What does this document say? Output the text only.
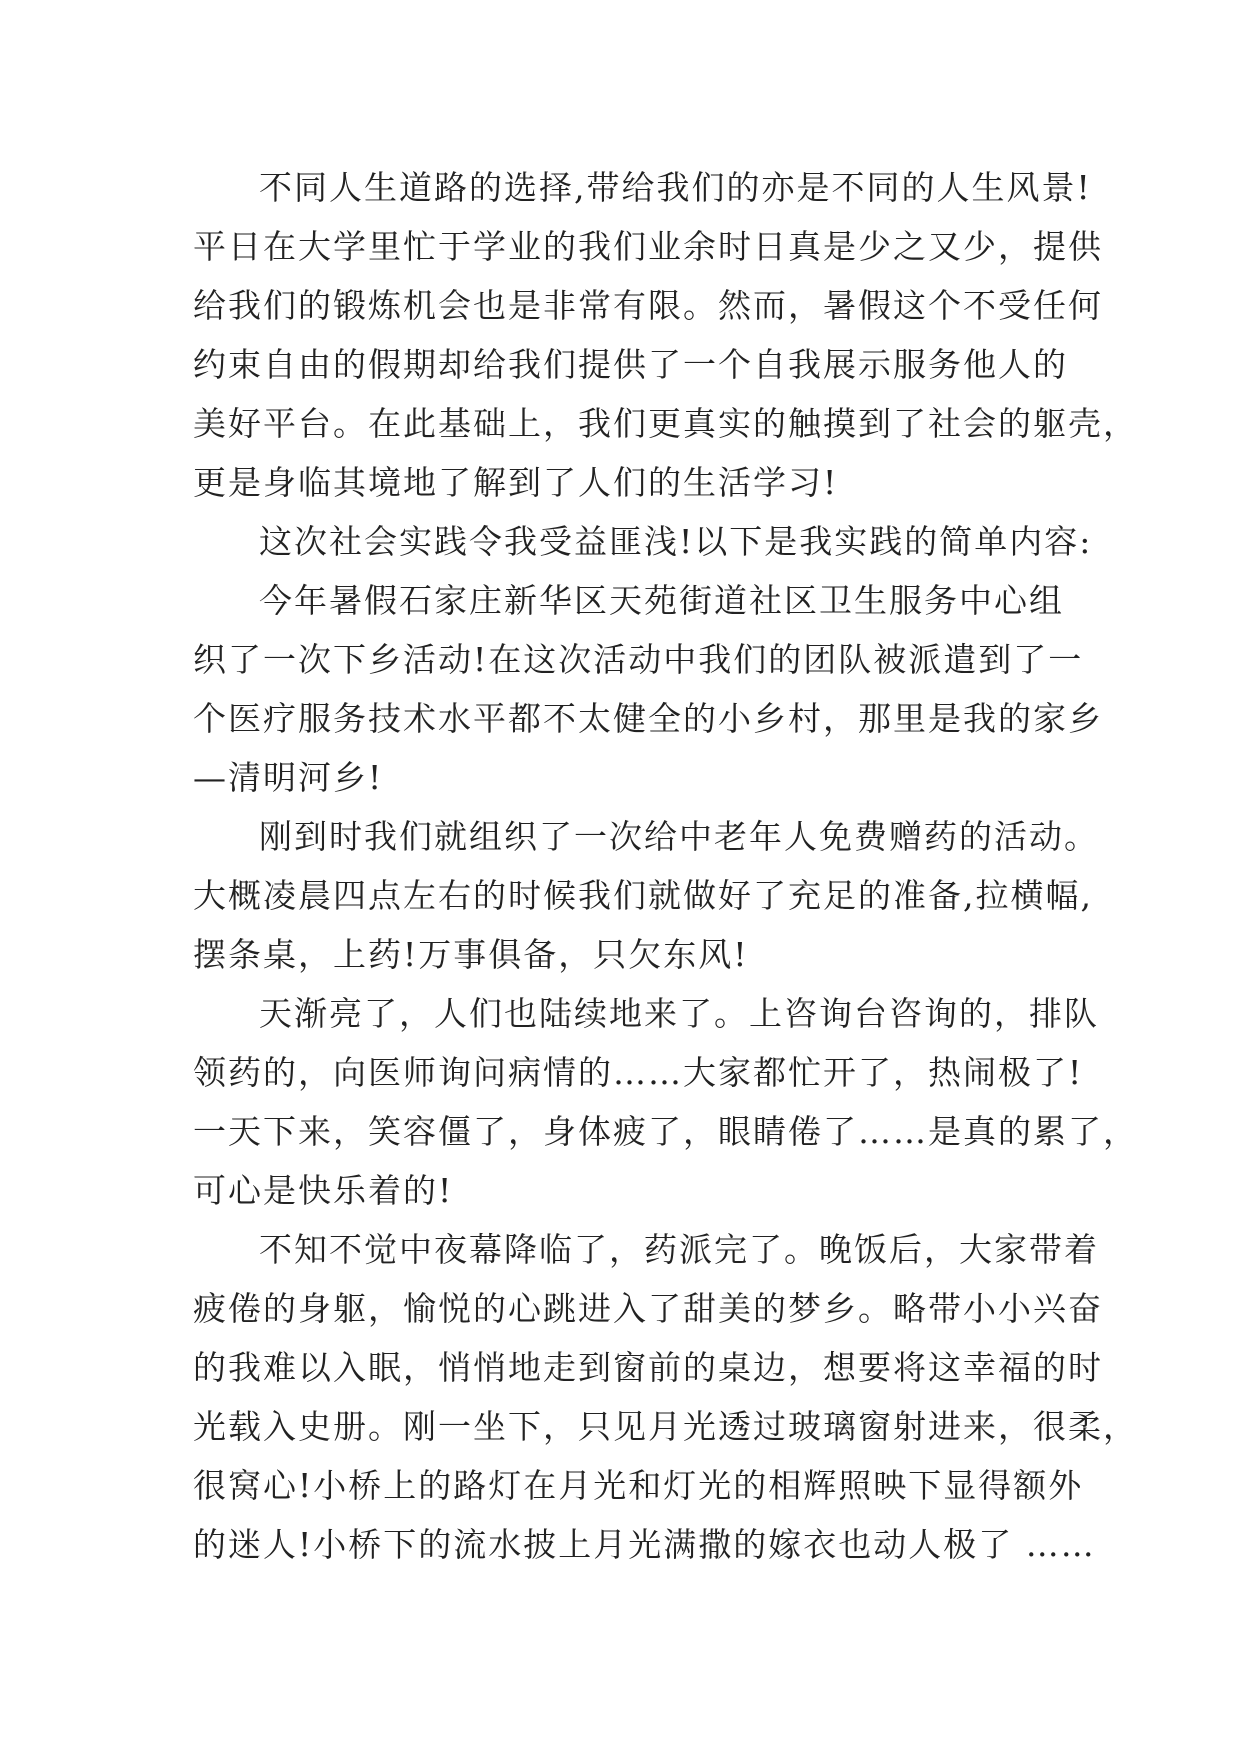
不同人生道路的选择,带给我们的亦是不同的人生风景!
平日在大学里忙于学业的我们业余时日真是少之又少，提供
给我们的锻炼机会也是非常有限。然而，暑假这个不受任何
约束自由的假期却给我们提供了一个自我展示服务他人的
美好平台。在此基础上，我们更真实的触摸到了社会的躯壳，
更是身临其境地了解到了人们的生活学习!
这次社会实践令我受益匪浅!以下是我实践的简单内容:
今年暑假石家庄新华区天苑街道社区卫生服务中心组
织了一次下乡活动!在这次活动中我们的团队被派遣到了一
个医疗服务技术水平都不太健全的小乡村，那里是我的家乡
—清明河乡!
刚到时我们就组织了一次给中老年人免费赠药的活动。
大概凌晨四点左右的时候我们就做好了充足的准备,拉横幅,
摆条桌，上药!万事俱备，只欠东风!
天渐亮了，人们也陆续地来了。上咨询台咨询的，排队
领药的，向医师询问病情的……大家都忙开了，热闹极了!
一天下来，笑容僵了，身体疲了，眼睛倦了……是真的累了，
可心是快乐着的!
不知不觉中夜幕降临了，药派完了。晚饭后，大家带着
疲倦的身躯，愉悦的心跳进入了甜美的梦乡。略带小小兴奋
的我难以入眠，悄悄地走到窗前的桌边，想要将这幸福的时
光载入史册。刚一坐下，只见月光透过玻璃窗射进来，很柔，
很窝心!小桥上的路灯在月光和灯光的相辉照映下显得额外
的迷人!小桥下的流水披上月光满撒的嫁衣也动人极了 ……
